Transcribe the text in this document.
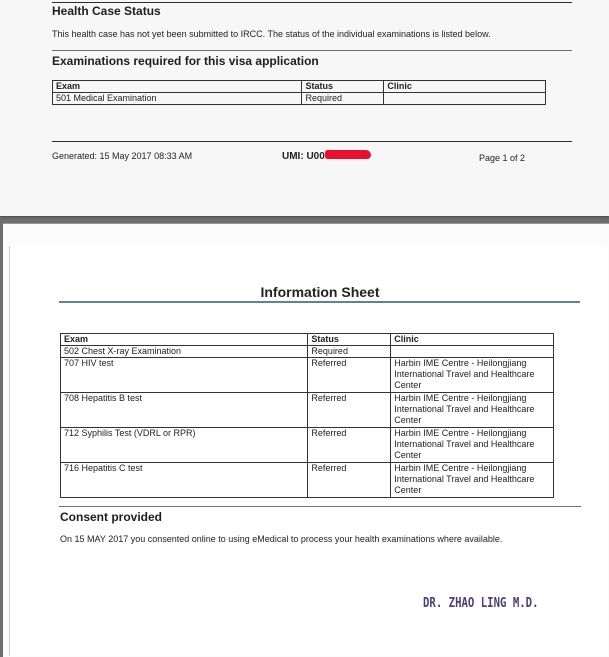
Health Case Status
This health case has not yet been submitted to IRCC. The status of the individual examinations is listed below.
Examinations required for this visa application
Exam	Status	Clinic
501 Medical Examination	Required	
Generated: 15 May 2017 08:33 AM	UMI: U00	Page 1 of 2
Information Sheet
Exam	Status	Clinic
502 Chest X-ray Examination	Required	
707 HIV test	Referred	Harbin IME Centre - Heilongjiang International Travel and Healthcare Center
708 Hepatitis B test	Referred	Harbin IME Centre - Heilongjiang International Travel and Healthcare Center
712 Syphilis Test (VDRL or RPR)	Referred	Harbin IME Centre - Heilongjiang International Travel and Healthcare Center
716 Hepatitis C test	Referred	Harbin IME Centre - Heilongjiang International Travel and Healthcare Center
Consent provided
On 15 MAY 2017 you consented online to using eMedical to process your health examinations where available.
DR. ZHAO LING M.D.
